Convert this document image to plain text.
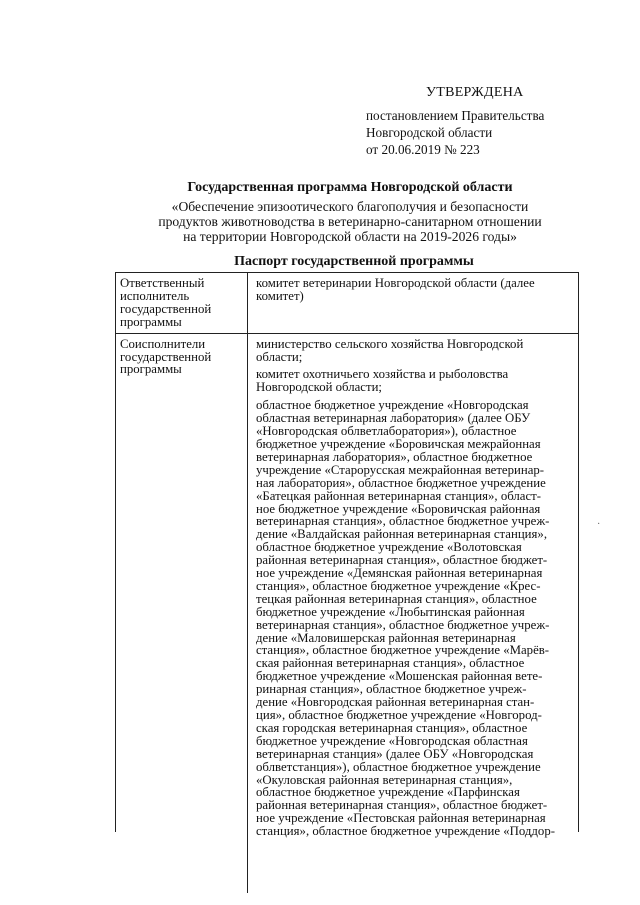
УТВЕРЖДЕНА
постановлением Правительства
Новгородской области
от 20.06.2019 № 223
Государственная программа Новгородской области
«Обеспечение эпизоотического благополучия и безопасности
продуктов животноводства в ветеринарно-санитарном отношении
на территории Новгородской области на 2019-2026 годы»
Паспорт государственной программы
Ответственный
исполнитель
государственной
программы
комитет ветеринарии Новгородской области (далее
комитет)
Соисполнители
государственной
программы
министерство сельского хозяйства Новгородской
области;
комитет охотничьего хозяйства и рыболовства
Новгородской области;
областное бюджетное учреждение «Новгородская
областная ветеринарная лаборатория» (далее ОБУ
«Новгородская облветлаборатория»), областное
бюджетное учреждение «Боровичская межрайонная
ветеринарная лаборатория», областное бюджетное
учреждение «Старорусская межрайонная ветеринар-
ная лаборатория», областное бюджетное учреждение
«Батецкая районная ветеринарная станция», област-
ное бюджетное учреждение «Боровичская районная
ветеринарная станция», областное бюджетное учреж-
дение «Валдайская районная ветеринарная станция»,
областное бюджетное учреждение «Волотовская
районная ветеринарная станция», областное бюджет-
ное учреждение «Демянская районная ветеринарная
станция», областное бюджетное учреждение «Крес-
тецкая районная ветеринарная станция», областное
бюджетное учреждение «Любытинская районная
ветеринарная станция», областное бюджетное учреж-
дение «Маловишерская районная ветеринарная
станция», областное бюджетное учреждение «Марёв-
ская районная ветеринарная станция», областное
бюджетное учреждение «Мошенская районная вете-
ринарная станция», областное бюджетное учреж-
дение «Новгородская районная ветеринарная стан-
ция», областное бюджетное учреждение «Новгород-
ская городская ветеринарная станция», областное
бюджетное учреждение «Новгородская областная
ветеринарная станция» (далее ОБУ «Новгородская
облветстанция»), областное бюджетное учреждение
«Окуловская районная ветеринарная станция»,
областное бюджетное учреждение «Парфинская
районная ветеринарная станция», областное бюджет-
ное учреждение «Пестовская районная ветеринарная
станция», областное бюджетное учреждение «Поддор-
·
